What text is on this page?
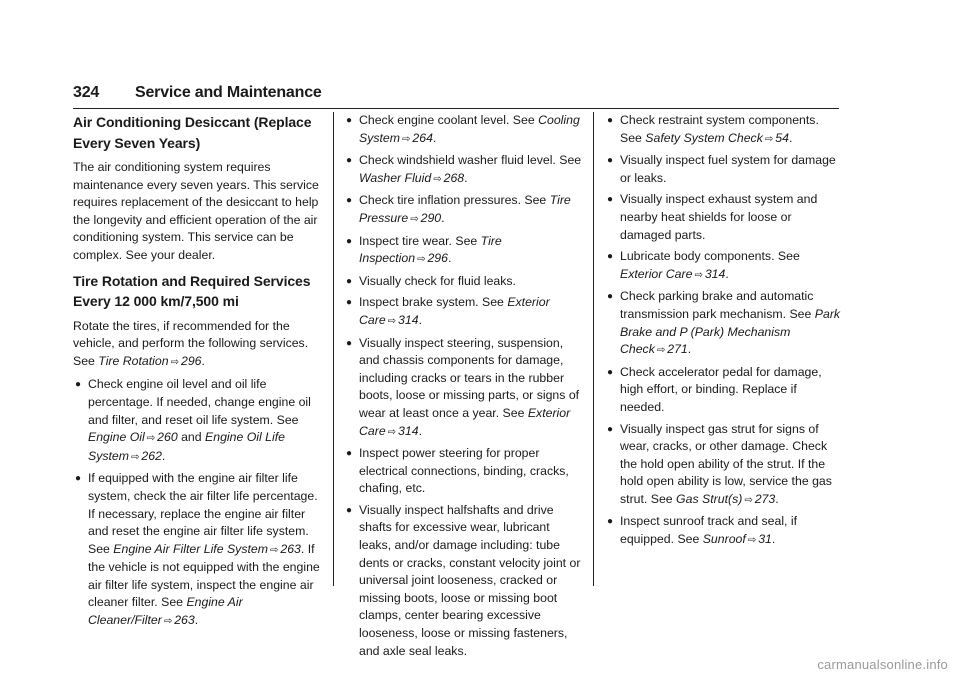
324 Service and Maintenance
Air Conditioning Desiccant (Replace Every Seven Years)

The air conditioning system requires maintenance every seven years. This service requires replacement of the desiccant to help the longevity and efficient operation of the air conditioning system. This service can be complex. See your dealer.

Tire Rotation and Required Services Every 12 000 km/7,500 mi

Rotate the tires, if recommended for the vehicle, and perform the following services. See Tire Rotation ⇨ 296.

● Check engine oil level and oil life percentage. If needed, change engine oil and filter, and reset oil life system. See Engine Oil ⇨ 260 and Engine Oil Life System ⇨ 262.
● If equipped with the engine air filter life system, check the air filter life percentage. If necessary, replace the engine air filter and reset the engine air filter life system. See Engine Air Filter Life System ⇨ 263. If the vehicle is not equipped with the engine air filter life system, inspect the engine air cleaner filter. See Engine Air Cleaner/Filter ⇨ 263.
● Check engine coolant level. See Cooling System ⇨ 264.
● Check windshield washer fluid level. See Washer Fluid ⇨ 268.
● Check tire inflation pressures. See Tire Pressure ⇨ 290.
● Inspect tire wear. See Tire Inspection ⇨ 296.
● Visually check for fluid leaks.
● Inspect brake system. See Exterior Care ⇨ 314.
● Visually inspect steering, suspension, and chassis components for damage, including cracks or tears in the rubber boots, loose or missing parts, or signs of wear at least once a year. See Exterior Care ⇨ 314.
● Inspect power steering for proper electrical connections, binding, cracks, chafing, etc.
● Visually inspect halfshafts and drive shafts for excessive wear, lubricant leaks, and/or damage including: tube dents or cracks, constant velocity joint or universal joint looseness, cracked or missing boots, loose or missing boot clamps, center bearing excessive looseness, loose or missing fasteners, and axle seal leaks.
● Check restraint system components. See Safety System Check ⇨ 54.
● Visually inspect fuel system for damage or leaks.
● Visually inspect exhaust system and nearby heat shields for loose or damaged parts.
● Lubricate body components. See Exterior Care ⇨ 314.
● Check parking brake and automatic transmission park mechanism. See Park Brake and P (Park) Mechanism Check ⇨ 271.
● Check accelerator pedal for damage, high effort, or binding. Replace if needed.
● Visually inspect gas strut for signs of wear, cracks, or other damage. Check the hold open ability of the strut. If the hold open ability is low, service the gas strut. See Gas Strut(s) ⇨ 273.
● Inspect sunroof track and seal, if equipped. See Sunroof ⇨ 31.
carmanualsonline.info
